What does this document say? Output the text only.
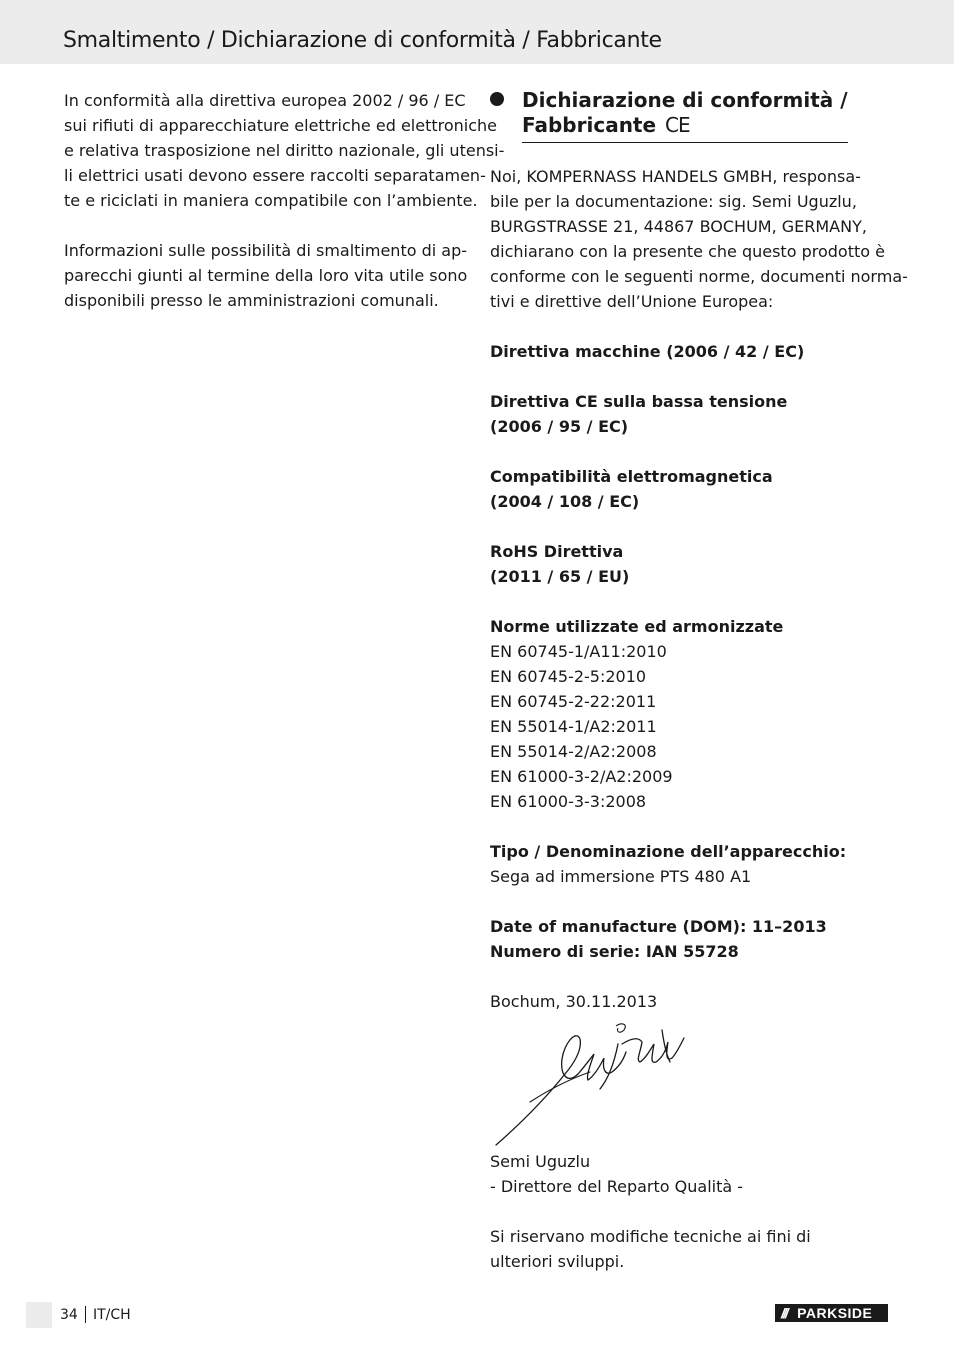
Smaltimento / Dichiarazione di conformità / Fabbricante

In conformità alla direttiva europea 2002 / 96 / EC

sui rifiuti di apparecchiature elettriche ed elettroniche

e relativa trasposizione nel diritto nazionale, gli utensi-

li elettrici usati devono essere raccolti separatamen-

te e riciclati in maniera compatibile con l’ambiente.

Informazioni sulle possibilità di smaltimento di ap-

parecchi giunti al termine della loro vita utile sono

disponibili presso le amministrazioni comunali.

Dichiarazione di conformità /
Fabbricante CE

Noi, KOMPERNASS HANDELS GMBH, responsa-

bile per la documentazione: sig. Semi Uguzlu,

BURGSTRASSE 21, 44867 BOCHUM, GERMANY,

dichiarano con la presente che questo prodotto è

conforme con le seguenti norme, documenti norma-

tivi e direttive dell’Unione Europea:

Direttiva macchine (2006 / 42 / EC)

Direttiva CE sulla bassa tensione

(2006 / 95 / EC)

Compatibilità elettromagnetica

(2004 / 108 / EC)

RoHS Direttiva

(2011 / 65 / EU)

Norme utilizzate ed armonizzate

EN 60745-1/A11:2010

EN 60745-2-5:2010

EN 60745-2-22:2011

EN 55014-1/A2:2011

EN 55014-2/A2:2008

EN 61000-3-2/A2:2009

EN 61000-3-3:2008

Tipo / Denominazione dell’apparecchio:

Sega ad immersione PTS 480 A1

Date of manufacture (DOM): 11–2013

Numero di serie: IAN 55728

Bochum, 30.11.2013

Semi Uguzlu

- Direttore del Reparto Qualità -

Si riservano modifiche tecniche ai fini di

ulteriori sviluppi.

34 IT/CH	/// PARKSIDE
